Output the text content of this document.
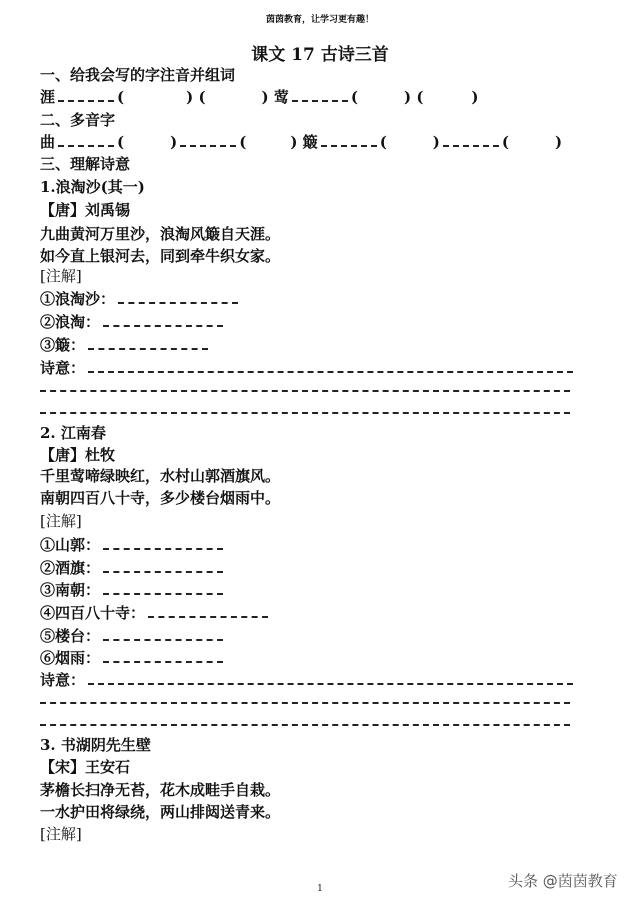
茵茵教育，让学习更有趣！
课文 17 古诗三首
一、给我会写的字注音并组词
涯	(	) (	) 莺	(	) (	)
二、多音字
曲	(	)	(	) 簸	(	)	(	)
三、理解诗意
1.浪淘沙(其一)
【唐】刘禹锡
九曲黄河万里沙，浪淘风簸自天涯。
如今直上银河去，同到牵牛织女家。
[注解]
①浪淘沙：
②浪淘：
③簸：
诗意：
2. 江南春
【唐】杜牧
千里莺啼绿映红，水村山郭酒旗风。
南朝四百八十寺，多少楼台烟雨中。
[注解]
①山郭：
②酒旗：
③南朝：
④四百八十寺：
⑤楼台：
⑥烟雨：
诗意：
3. 书湖阴先生壁
【宋】王安石
茅檐长扫净无苔，花木成畦手自栽。
一水护田将绿绕，两山排闼送青来。
[注解]
1	头条 @茵茵教育
